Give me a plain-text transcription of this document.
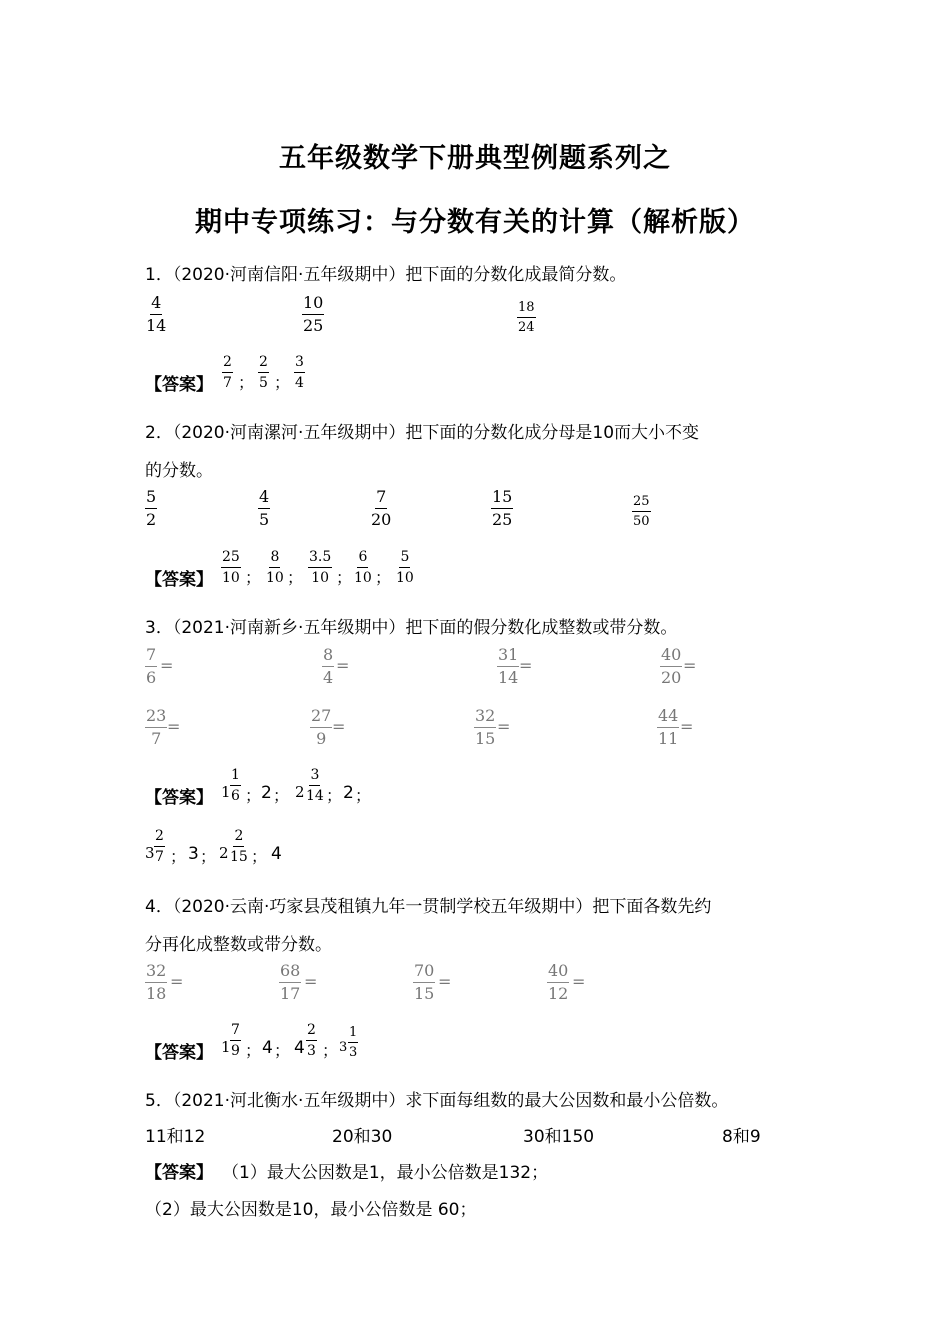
五年级数学下册典型例题系列之
期中专项练习：与分数有关的计算（解析版）
1．（2020·河南信阳·五年级期中）把下面的分数化成最简分数。
$\frac{4}{14}$	$\frac{10}{25}$	$\frac{18}{24}$
【答案】 $\frac{2}{7}$ ； $\frac{2}{5}$ ； $\frac{3}{4}$
2．（2020·河南漯河·五年级期中）把下面的分数化成分母是10而大小不变
的分数。
$\frac{5}{2}$	$\frac{4}{5}$	$\frac{7}{20}$	$\frac{15}{25}$	$\frac{25}{50}$
【答案】 $\frac{25}{10}$ ； $\frac{8}{10}$ ； $\frac{3.5}{10}$ ； $\frac{6}{10}$ ； $\frac{5}{10}$
3．（2021·河南新乡·五年级期中）把下面的假分数化成整数或带分数。
$\frac{7}{6}$ =	$\frac{8}{4}$ =	$\frac{31}{14}$ =	$\frac{40}{20}$ =
$\frac{23}{7}$ =	$\frac{27}{9}$ =	$\frac{32}{15}$ =	$\frac{44}{11}$ =
【答案】 $1 \frac{1}{6}$ ； 2 ； $2 \frac{3}{14}$ ； 2 ；
$3 \frac{2}{7}$ ； 3 ； $2 \frac{2}{15}$ ； 4
4．（2020·云南·巧家县茂租镇九年一贯制学校五年级期中）把下面各数先约
分再化成整数或带分数。
$\frac{32}{18}$ =	$\frac{68}{17}$ =	$\frac{70}{15}$ =	$\frac{40}{12}$ =
【答案】 $1 \frac{7}{9}$ ； 4 ； $4 \frac{2}{3}$ ； $3 \frac{1}{3}$
5．（2021·河北衡水·五年级期中）求下面每组数的最大公因数和最小公倍数。
11和12	20和30	30和150	8和9
【答案】 （1）最大公因数是1，最小公倍数是132；
（2）最大公因数是10，最小公倍数是 60；
